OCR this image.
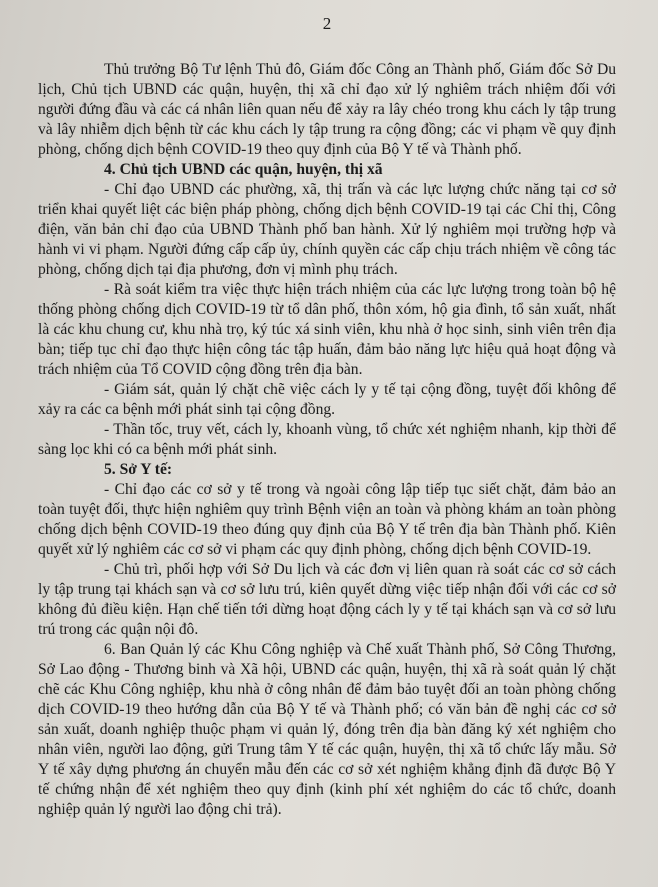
2

Thủ trưởng Bộ Tư lệnh Thủ đô, Giám đốc Công an Thành phố, Giám đốc Sở Du lịch, Chủ tịch UBND các quận, huyện, thị xã chỉ đạo xử lý nghiêm trách nhiệm đối với người đứng đầu và các cá nhân liên quan nếu để xảy ra lây chéo trong khu cách ly tập trung và lây nhiễm dịch bệnh từ các khu cách ly tập trung ra cộng đồng; các vi phạm về quy định phòng, chống dịch bệnh COVID-19 theo quy định của Bộ Y tế và Thành phố.

4. Chủ tịch UBND các quận, huyện, thị xã

- Chỉ đạo UBND các phường, xã, thị trấn và các lực lượng chức năng tại cơ sở triển khai quyết liệt các biện pháp phòng, chống dịch bệnh COVID-19 tại các Chỉ thị, Công điện, văn bản chỉ đạo của UBND Thành phố ban hành. Xử lý nghiêm mọi trường hợp và hành vi vi phạm. Người đứng cấp cấp ủy, chính quyền các cấp chịu trách nhiệm về công tác phòng, chống dịch tại địa phương, đơn vị mình phụ trách.

- Rà soát kiểm tra việc thực hiện trách nhiệm của các lực lượng trong toàn bộ hệ thống phòng chống dịch COVID-19 từ tổ dân phố, thôn xóm, hộ gia đình, tổ sản xuất, nhất là các khu chung cư, khu nhà trọ, ký túc xá sinh viên, khu nhà ở học sinh, sinh viên trên địa bàn; tiếp tục chỉ đạo thực hiện công tác tập huấn, đảm bảo năng lực hiệu quả hoạt động và trách nhiệm của Tổ COVID cộng đồng trên địa bàn.

- Giám sát, quản lý chặt chẽ việc cách ly y tế tại cộng đồng, tuyệt đối không để xảy ra các ca bệnh mới phát sinh tại cộng đồng.

- Thần tốc, truy vết, cách ly, khoanh vùng, tổ chức xét nghiệm nhanh, kịp thời để sàng lọc khi có ca bệnh mới phát sinh.

5. Sở Y tế:

- Chỉ đạo các cơ sở y tế trong và ngoài công lập tiếp tục siết chặt, đảm bảo an toàn tuyệt đối, thực hiện nghiêm quy trình Bệnh viện an toàn và phòng khám an toàn phòng chống dịch bệnh COVID-19 theo đúng quy định của Bộ Y tế trên địa bàn Thành phố. Kiên quyết xử lý nghiêm các cơ sở vi phạm các quy định phòng, chống dịch bệnh COVID-19.

- Chủ trì, phối hợp với Sở Du lịch và các đơn vị liên quan rà soát các cơ sở cách ly tập trung tại khách sạn và cơ sở lưu trú, kiên quyết dừng việc tiếp nhận đối với các cơ sở không đủ điều kiện. Hạn chế tiến tới dừng hoạt động cách ly y tế tại khách sạn và cơ sở lưu trú trong các quận nội đô.

6. Ban Quản lý các Khu Công nghiệp và Chế xuất Thành phố, Sở Công Thương, Sở Lao động - Thương binh và Xã hội, UBND các quận, huyện, thị xã rà soát quản lý chặt chẽ các Khu Công nghiệp, khu nhà ở công nhân để đảm bảo tuyệt đối an toàn phòng chống dịch COVID-19 theo hướng dẫn của Bộ Y tế và Thành phố; có văn bản đề nghị các cơ sở sản xuất, doanh nghiệp thuộc phạm vi quản lý, đóng trên địa bàn đăng ký xét nghiệm cho nhân viên, người lao động, gửi Trung tâm Y tế các quận, huyện, thị xã tổ chức lấy mẫu. Sở Y tế xây dựng phương án chuyển mẫu đến các cơ sở xét nghiệm khẳng định đã được Bộ Y tế chứng nhận để xét nghiệm theo quy định (kinh phí xét nghiệm do các tổ chức, doanh nghiệp quản lý người lao động chi trả).
